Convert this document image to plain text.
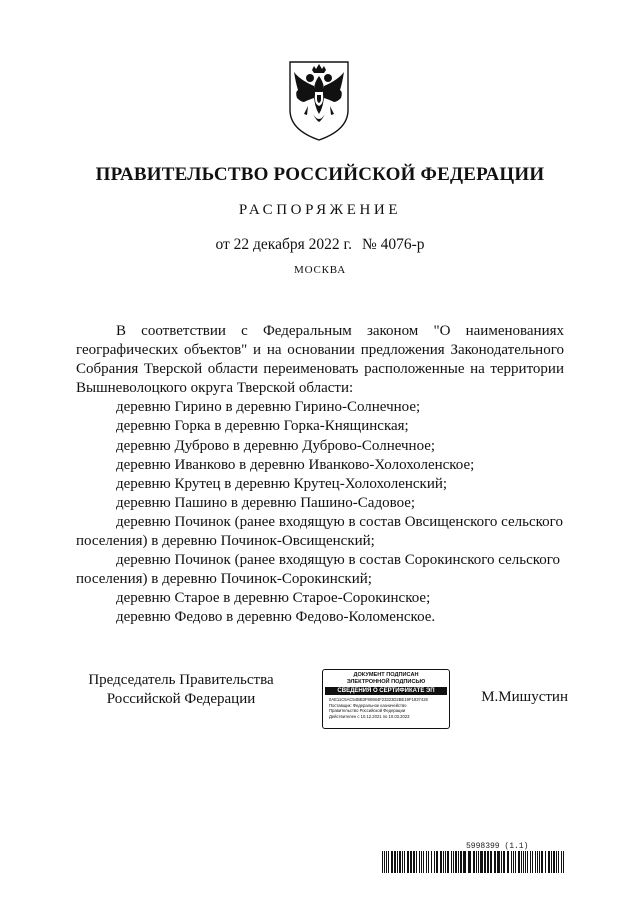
ПРАВИТЕЛЬСТВО РОССИЙСКОЙ ФЕДЕРАЦИИ
РАСПОРЯЖЕНИЕ
от 22 декабря 2022 г. № 4076-р
МОСКВА

В соответствии с Федеральным законом "О наименованиях географических объектов" и на основании предложения Законодательного Собрания Тверской области переименовать расположенные на территории Вышневолоцкого округа Тверской области:

деревню Гирино в деревню Гирино-Солнечное;
деревню Горка в деревню Горка-Княщинская;
деревню Дуброво в деревню Дуброво-Солнечное;
деревню Иванково в деревню Иванково-Холохоленское;
деревню Крутец в деревню Крутец-Холохоленский;
деревню Пашино в деревню Пашино-Садовое;
деревню Починок (ранее входящую в состав Овсищенского сельского поселения) в деревню Починок-Овсищенский;
деревню Починок (ранее входящую в состав Сорокинского сельского поселения) в деревню Починок-Сорокинский;
деревню Старое в деревню Старое-Сорокинское;
деревню Федово в деревню Федово-Коломенское.
Председатель Правительства
Российской Федерации
ДОКУМЕНТ ПОДПИСАН
ЭЛЕКТРОННОЙ ПОДПИСЬЮ
СВЕДЕНИЯ О СЕРТИФИКАТЕ ЭП
0AE11C5AC54BB3F80684F23323D2BE19F1937428
Поставщик: Федеральное казначейство
Правительство Российской Федерации
Действителен с 10.12.2021 по 10.03.2023
М.Мишустин
5998399 (1.1)
